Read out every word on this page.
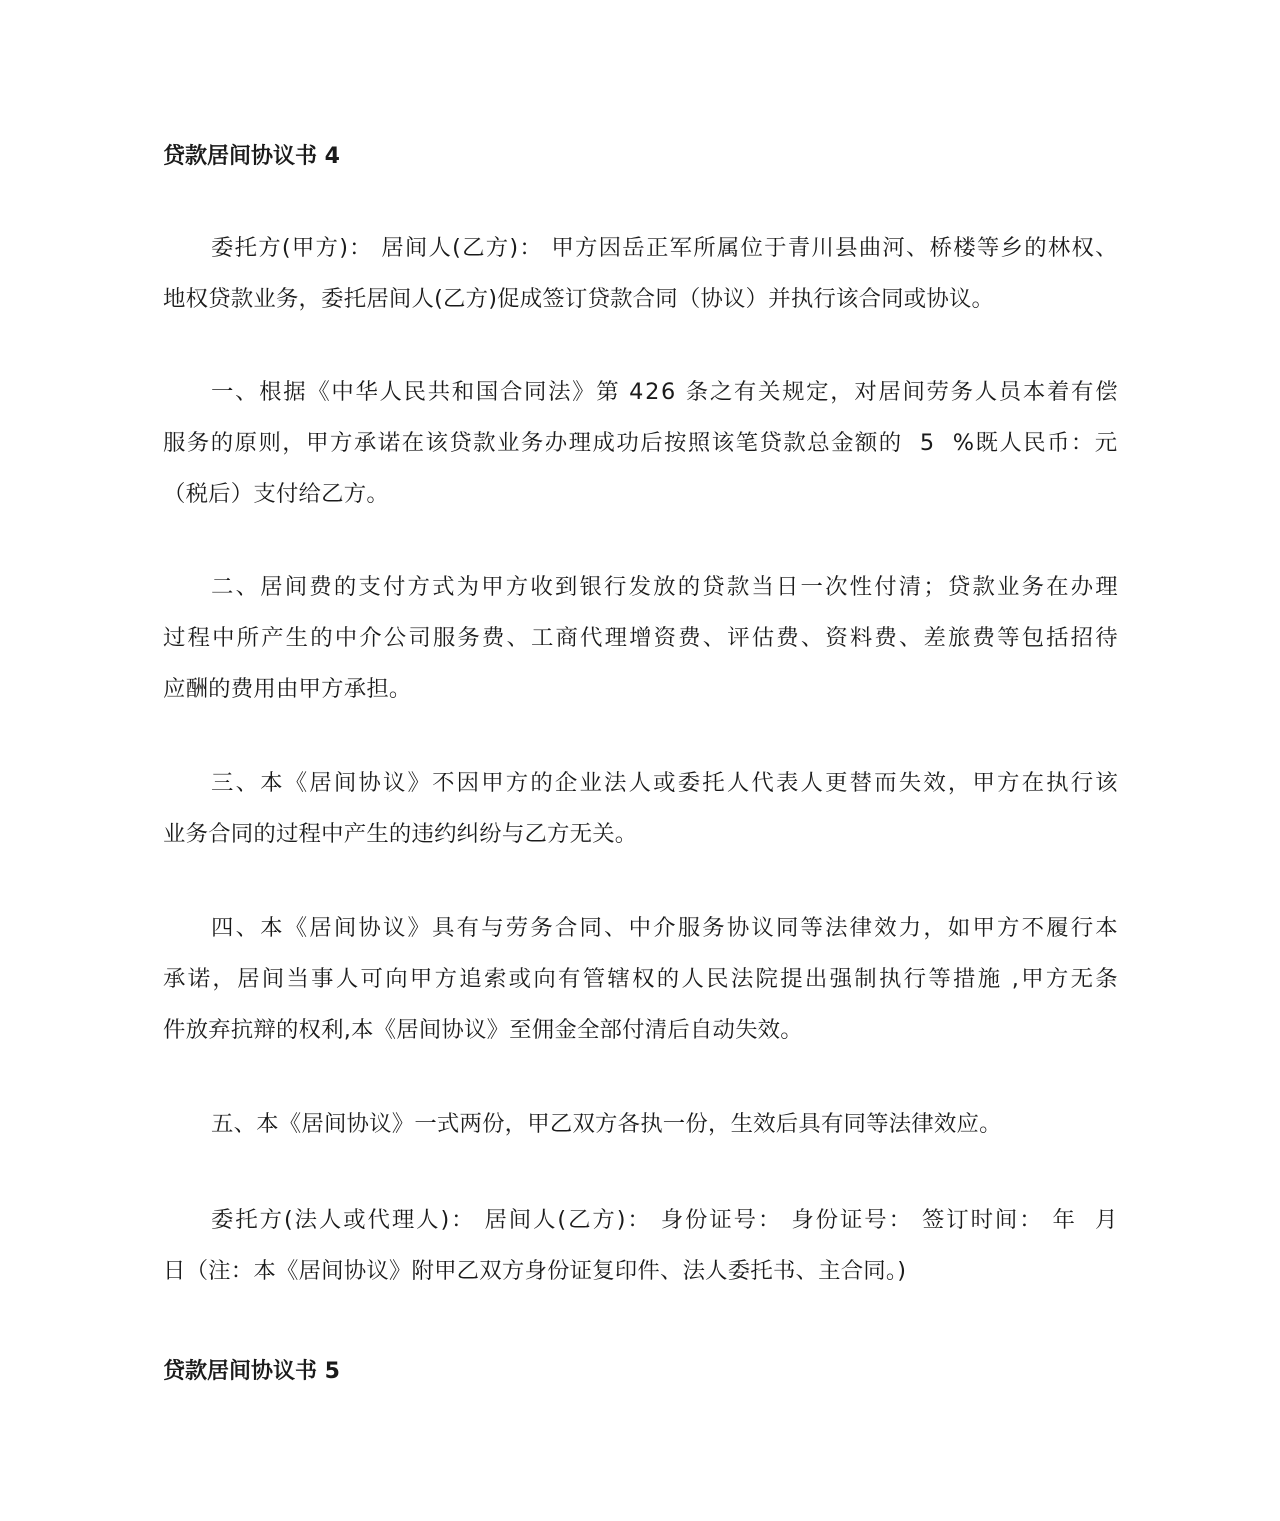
贷款居间协议书 4
委 托 方 ( 甲 方 ) ：
居 间 人 ( 乙 方 ) ：
甲 方 因 岳 正 军 所 属 位 于 青 川 县 曲 河 、 桥 楼 等 乡 的 林 权 、
地权贷款业务，委托居间人(乙方)促成签订贷款合同（协议）并执行该合同或协议。
一 、 根 据 《 中 华 人 民 共 和 国 合 同 法 》 第
4 2 6
条 之 有 关 规 定 ， 对 居 间 劳 务 人 员 本 着 有 偿
服 务 的 原 则 ， 甲 方 承 诺 在 该 贷 款 业 务 办 理 成 功 后 按 照 该 笔 贷 款 总 金 额 的

5

% 既 人 民 币 ： 元
（税后）支付给乙方。
二 、 居 间 费 的 支 付 方 式 为 甲 方 收 到 银 行 发 放 的 贷 款 当 日 一 次 性 付 清 ； 贷 款 业 务 在 办 理
过 程 中 所 产 生 的 中 介 公 司 服 务 费 、 工 商 代 理 增 资 费 、 评 估 费 、 资 料 费 、 差 旅 费 等 包 括 招 待
应酬的费用由甲方承担。
三 、 本 《 居 间 协 议 》 不 因 甲 方 的 企 业 法 人 或 委 托 人 代 表 人 更 替 而 失 效 ， 甲 方 在 执 行 该
业务合同的过程中产生的违约纠纷与乙方无关。
四 、 本 《 居 间 协 议 》 具 有 与 劳 务 合 同 、 中 介 服 务 协 议 同 等 法 律 效 力 ， 如 甲 方 不 履 行 本
承 诺 ， 居 间 当 事 人 可 向 甲 方 追 索 或 向 有 管 辖 权 的 人 民 法 院 提 出 强 制 执 行 等 措 施
, 甲 方 无 条
件放弃抗辩的权利,本《居间协议》至佣金全部付清后自动失效。
五、本《居间协议》一式两份，甲乙双方各执一份，生效后具有同等法律效应。
委 托 方 ( 法 人 或 代 理 人 ) ：
居 间 人 ( 乙 方 ) ：
身 份 证 号 ：
身 份 证 号 ：
签 订 时 间 ：
年

月
日（注：本《居间协议》附甲乙双方身份证复印件、法人委托书、主合同。)
贷款居间协议书 5
